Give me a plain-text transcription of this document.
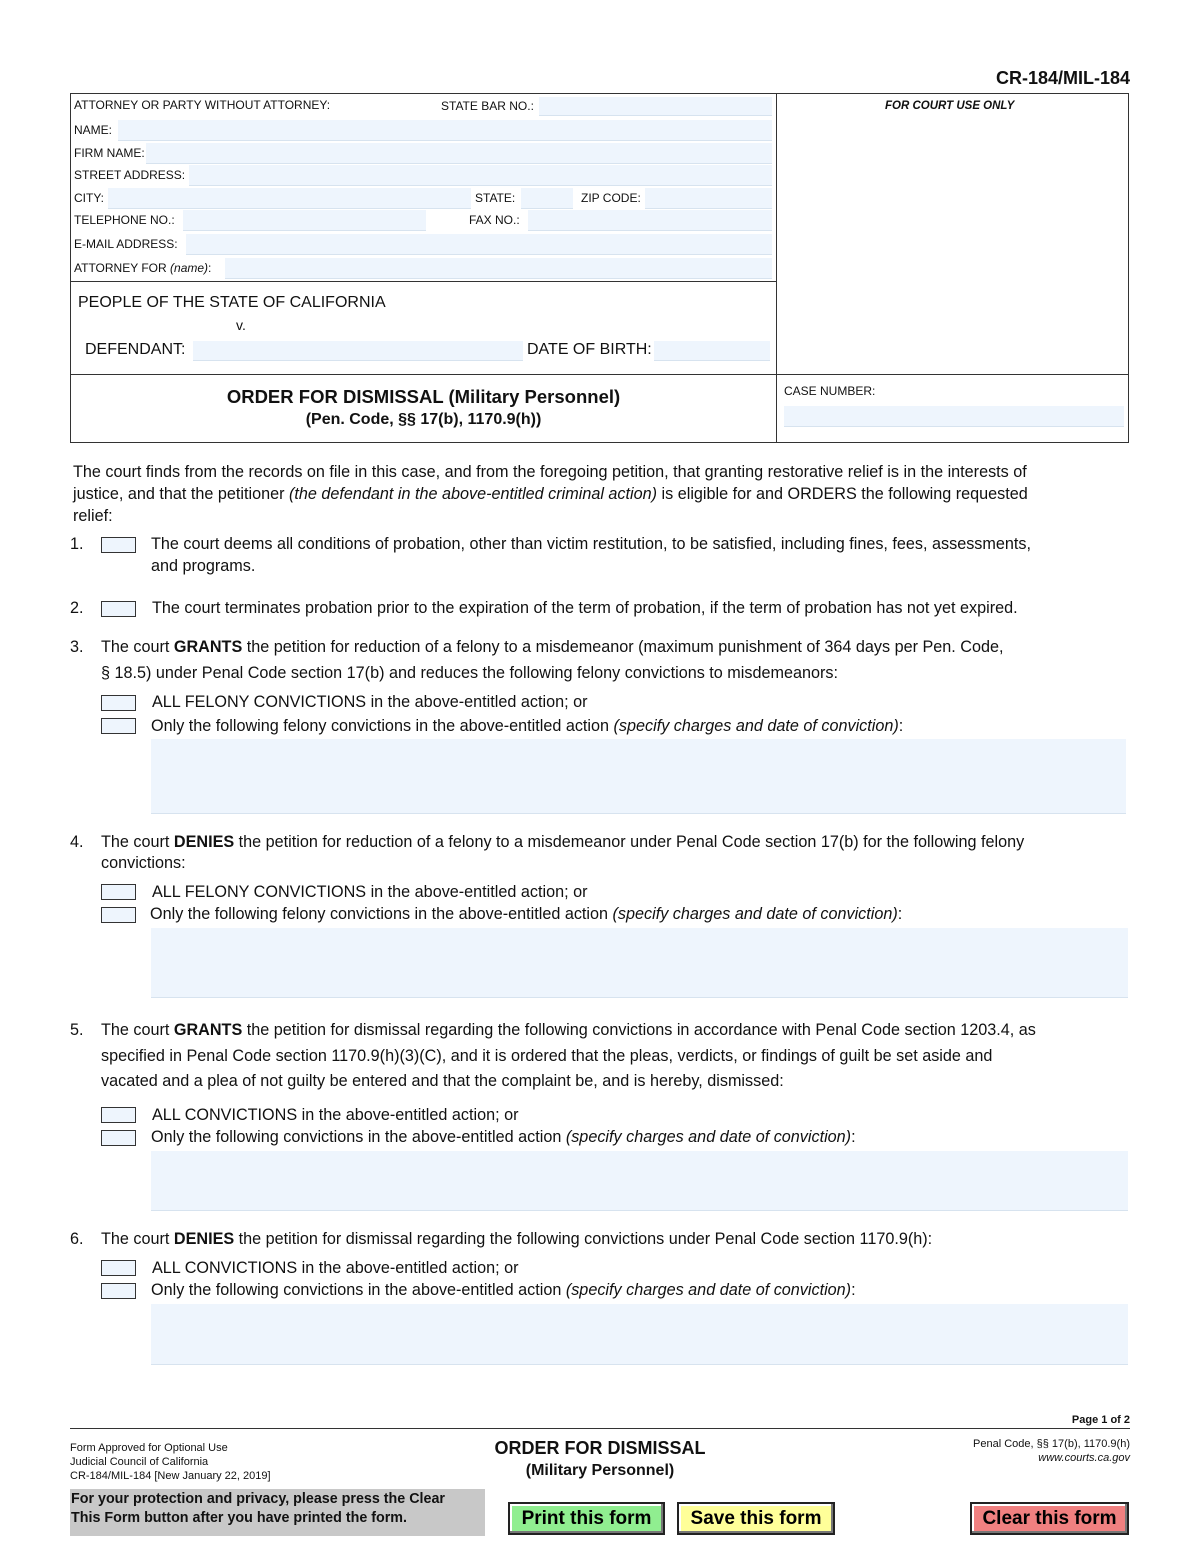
CR-184/MIL-184
ATTORNEY OR PARTY WITHOUT ATTORNEY:	STATE BAR NO.:
NAME:
FIRM NAME:
STREET ADDRESS:
CITY:	STATE:	ZIP CODE:
TELEPHONE NO.:	FAX NO.:
E-MAIL ADDRESS:
ATTORNEY FOR (name):
FOR COURT USE ONLY
PEOPLE OF THE STATE OF CALIFORNIA
v.
DEFENDANT:	DATE OF BIRTH:
ORDER FOR DISMISSAL (Military Personnel)
(Pen. Code, §§ 17(b), 1170.9(h))
CASE NUMBER:
The court finds from the records on file in this case, and from the foregoing petition, that granting restorative relief is in the interests of
justice, and that the petitioner (the defendant in the above-entitled criminal action) is eligible for and ORDERS the following requested
relief:
1.	The court deems all conditions of probation, other than victim restitution, to be satisfied, including fines, fees, assessments,
and programs.
2.	The court terminates probation prior to the expiration of the term of probation, if the term of probation has not yet expired.
3. The court GRANTS the petition for reduction of a felony to a misdemeanor (maximum punishment of 364 days per Pen. Code,
§ 18.5) under Penal Code section 17(b) and reduces the following felony convictions to misdemeanors:
ALL FELONY CONVICTIONS in the above-entitled action; or
Only the following felony convictions in the above-entitled action (specify charges and date of conviction):
4. The court DENIES the petition for reduction of a felony to a misdemeanor under Penal Code section 17(b) for the following felony
convictions:
ALL FELONY CONVICTIONS in the above-entitled action; or
Only the following felony convictions in the above-entitled action (specify charges and date of conviction):
5. The court GRANTS the petition for dismissal regarding the following convictions in accordance with Penal Code section 1203.4, as
specified in Penal Code section 1170.9(h)(3)(C), and it is ordered that the pleas, verdicts, or findings of guilt be set aside and
vacated and a plea of not guilty be entered and that the complaint be, and is hereby, dismissed:
ALL CONVICTIONS in the above-entitled action; or
Only the following convictions in the above-entitled action (specify charges and date of conviction):
6. The court DENIES the petition for dismissal regarding the following convictions under Penal Code section 1170.9(h):
ALL CONVICTIONS in the above-entitled action; or
Only the following convictions in the above-entitled action (specify charges and date of conviction):
Page 1 of 2
Form Approved for Optional Use
Judicial Council of California
CR-184/MIL-184 [New January 22, 2019]
ORDER FOR DISMISSAL
(Military Personnel)
Penal Code, §§ 17(b), 1170.9(h)
www.courts.ca.gov
For your protection and privacy, please press the Clear
This Form button after you have printed the form.	Print this form	Save this form	Clear this form
